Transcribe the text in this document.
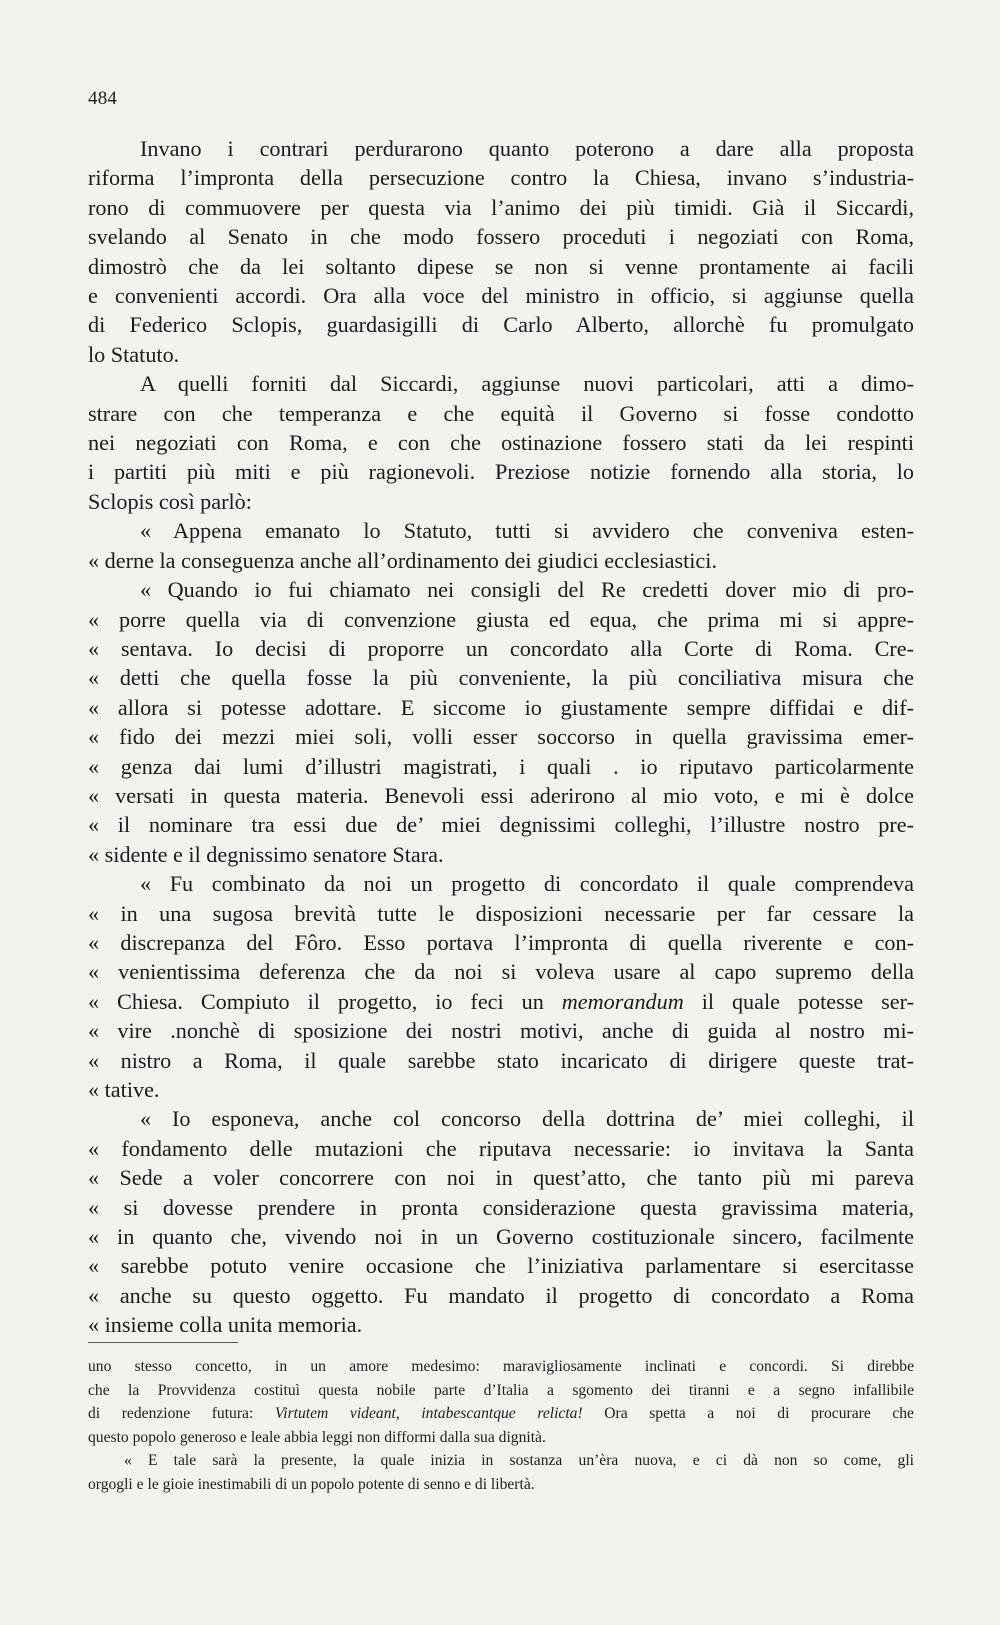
484
Invano i contrari perdurarono quanto poterono a dare alla proposta
riforma l’impronta della persecuzione contro la Chiesa, invano s’industria-
rono di commuovere per questa via l’animo dei più timidi. Già il Siccardi,
svelando al Senato in che modo fossero proceduti i negoziati con Roma,
dimostrò che da lei soltanto dipese se non si venne prontamente ai facili
e convenienti accordi. Ora alla voce del ministro in officio, si aggiunse quella
di Federico Sclopis, guardasigilli di Carlo Alberto, allorchè fu promulgato
lo Statuto.
A quelli forniti dal Siccardi, aggiunse nuovi particolari, atti a dimo-
strare con che temperanza e che equità il Governo si fosse condotto
nei negoziati con Roma, e con che ostinazione fossero stati da lei respinti
i partiti più miti e più ragionevoli. Preziose notizie fornendo alla storia, lo
Sclopis così parlò:
« Appena emanato lo Statuto, tutti si avvidero che conveniva esten-
« derne la conseguenza anche all’ordinamento dei giudici ecclesiastici.
« Quando io fui chiamato nei consigli del Re credetti dover mio di pro-
« porre quella via di convenzione giusta ed equa, che prima mi si appre-
« sentava. Io decisi di proporre un concordato alla Corte di Roma. Cre-
« detti che quella fosse la più conveniente, la più conciliativa misura che
« allora si potesse adottare. E siccome io giustamente sempre diffidai e dif-
« fido dei mezzi miei soli, volli esser soccorso in quella gravissima emer-
« genza dai lumi d’illustri magistrati, i quali . io riputavo particolarmente
« versati in questa materia. Benevoli essi aderirono al mio voto, e mi è dolce
« il nominare tra essi due de’ miei degnissimi colleghi, l’illustre nostro pre-
« sidente e il degnissimo senatore Stara.
« Fu combinato da noi un progetto di concordato il quale comprendeva
« in una sugosa brevità tutte le disposizioni necessarie per far cessare la
« discrepanza del Fôro. Esso portava l’impronta di quella riverente e con-
« venientissima deferenza che da noi si voleva usare al capo supremo della
« Chiesa. Compiuto il progetto, io feci un memorandum il quale potesse ser-
« vire .nonchè di sposizione dei nostri motivi, anche di guida al nostro mi-
« nistro a Roma, il quale sarebbe stato incaricato di dirigere queste trat-
« tative.
« Io esponeva, anche col concorso della dottrina de’ miei colleghi, il
« fondamento delle mutazioni che riputava necessarie: io invitava la Santa
« Sede a voler concorrere con noi in quest’atto, che tanto più mi pareva
« si dovesse prendere in pronta considerazione questa gravissima materia,
« in quanto che, vivendo noi in un Governo costituzionale sincero, facilmente
« sarebbe potuto venire occasione che l’iniziativa parlamentare si esercitasse
« anche su questo oggetto. Fu mandato il progetto di concordato a Roma
« insieme colla unita memoria.
uno stesso concetto, in un amore medesimo: maravigliosamente inclinati e concordi. Si direbbe
che la Provvidenza costituì questa nobile parte d’Italia a sgomento dei tiranni e a segno infallibile
di redenzione futura: Virtutem videant, intabescantque relicta! Ora spetta a noi di procurare che
questo popolo generoso e leale abbia leggi non difformi dalla sua dignità.
« E tale sarà la presente, la quale inizia in sostanza un’èra nuova, e ci dà non so come, gli
orgogli e le gioie inestimabili di un popolo potente di senno e di libertà.
